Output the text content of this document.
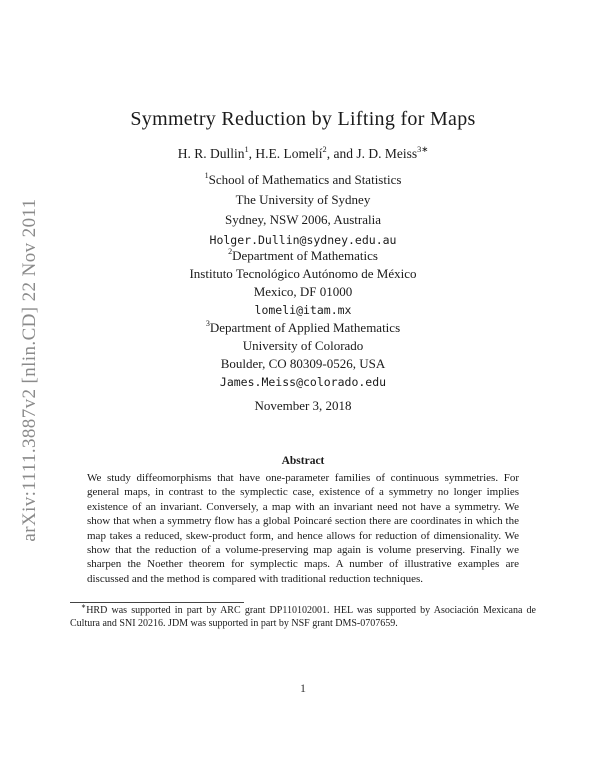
arXiv:1111.3887v2 [nlin.CD] 22 Nov 2011
Symmetry Reduction by Lifting for Maps
H. R. Dullin$^1$, H.E. Lomelí$^2$, and J. D. Meiss$^{3∗}$
$^1$School of Mathematics and Statistics
The University of Sydney
Sydney, NSW 2006, Australia
Holger.Dullin@sydney.edu.au
$^2$Department of Mathematics
Instituto Tecnológico Autónomo de México
Mexico, DF 01000
lomeli@itam.mx
$^3$Department of Applied Mathematics
University of Colorado
Boulder, CO 80309-0526, USA
James.Meiss@colorado.edu
November 3, 2018
Abstract

We study diffeomorphisms that have one-parameter families of continuous symmetries. For general maps, in contrast to the symplectic case, existence of a symmetry no longer implies existence of an invariant. Conversely, a map with an invariant need not have a symmetry. We show that when a symmetry flow has a global Poincaré section there are coordinates in which the map takes a reduced, skew-product form, and hence allows for reduction of dimensionality. We show that the reduction of a volume-preserving map again is volume preserving. Finally we sharpen the Noether theorem for symplectic maps. A number of illustrative examples are discussed and the method is compared with traditional reduction techniques.

∗HRD was supported in part by ARC grant DP110102001. HEL was supported by Asociación Mexicana de Cultura and SNI 20216. JDM was supported in part by NSF grant DMS-0707659.

1
